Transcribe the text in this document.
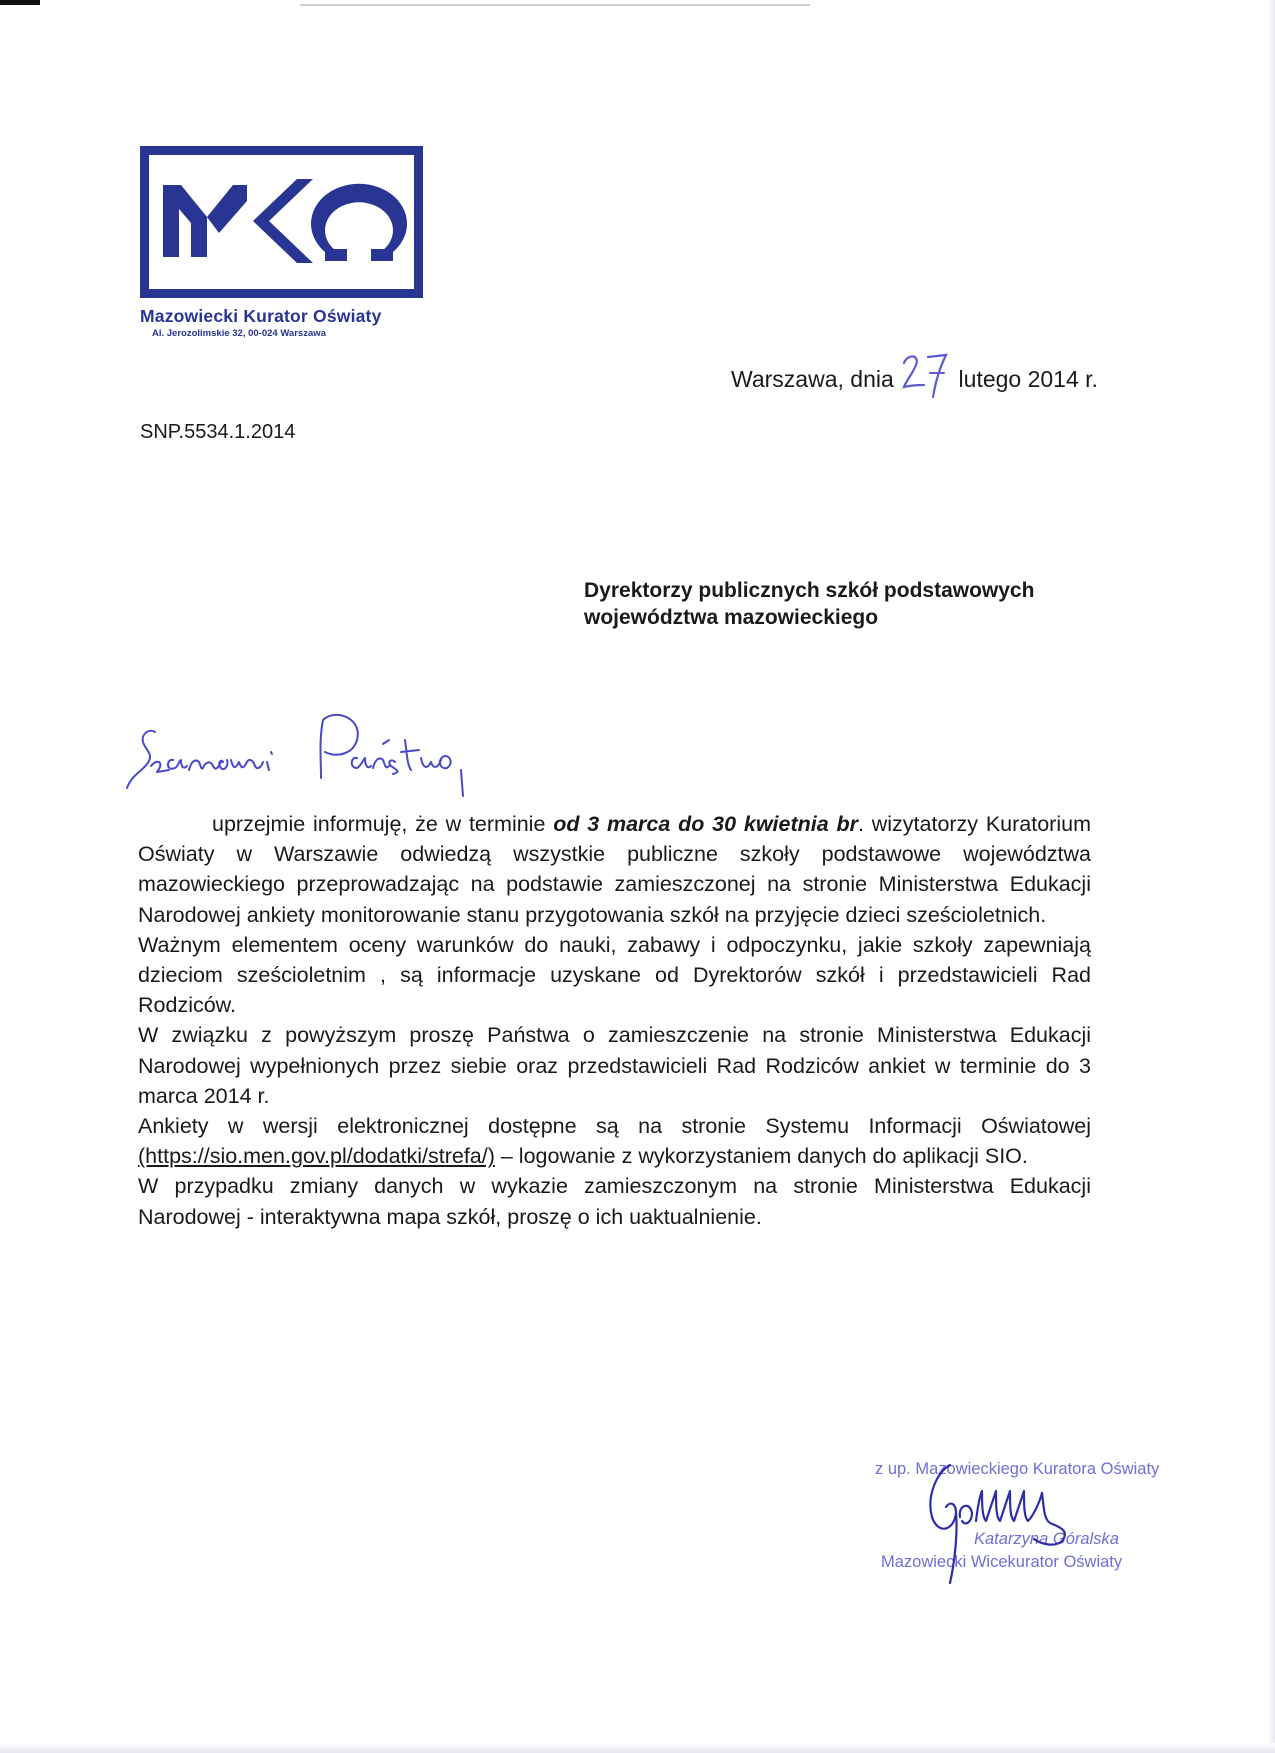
Mazowiecki Kurator Oświaty
Al. Jerozolimskie 32, 00-024 Warszawa
Warszawa, dnia	lutego 2014 r.
SNP.5534.1.2014
Dyrektorzy publicznych szkół podstawowych
województwa mazowieckiego

uprzejmie informuję, że w terminie od 3 marca do 30 kwietnia br. wizytatorzy Kuratorium Oświaty w Warszawie odwiedzą wszystkie publiczne szkoły podstawowe województwa mazowieckiego przeprowadzając na podstawie zamieszczonej na stronie Ministerstwa Edukacji Narodowej ankiety monitorowanie stanu przygotowania szkół na przyjęcie dzieci sześcioletnich.

Ważnym elementem oceny warunków do nauki, zabawy i odpoczynku, jakie szkoły zapewniają dzieciom sześcioletnim , są informacje uzyskane od Dyrektorów szkół i przedstawicieli Rad Rodziców.

W związku z powyższym proszę Państwa o zamieszczenie na stronie Ministerstwa Edukacji Narodowej wypełnionych przez siebie oraz przedstawicieli Rad Rodziców ankiet w terminie do 3 marca 2014 r.

Ankiety w wersji elektronicznej dostępne są na stronie Systemu Informacji Oświatowej (https://sio.men.gov.pl/dodatki/strefa/) – logowanie z wykorzystaniem danych do aplikacji SIO.

W przypadku zmiany danych w wykazie zamieszczonym na stronie Ministerstwa Edukacji Narodowej - interaktywna mapa szkół, proszę o ich uaktualnienie.

z up. Mazowieckiego Kuratora Oświaty
Katarzyna Góralska
Mazowiecki Wicekurator Oświaty
